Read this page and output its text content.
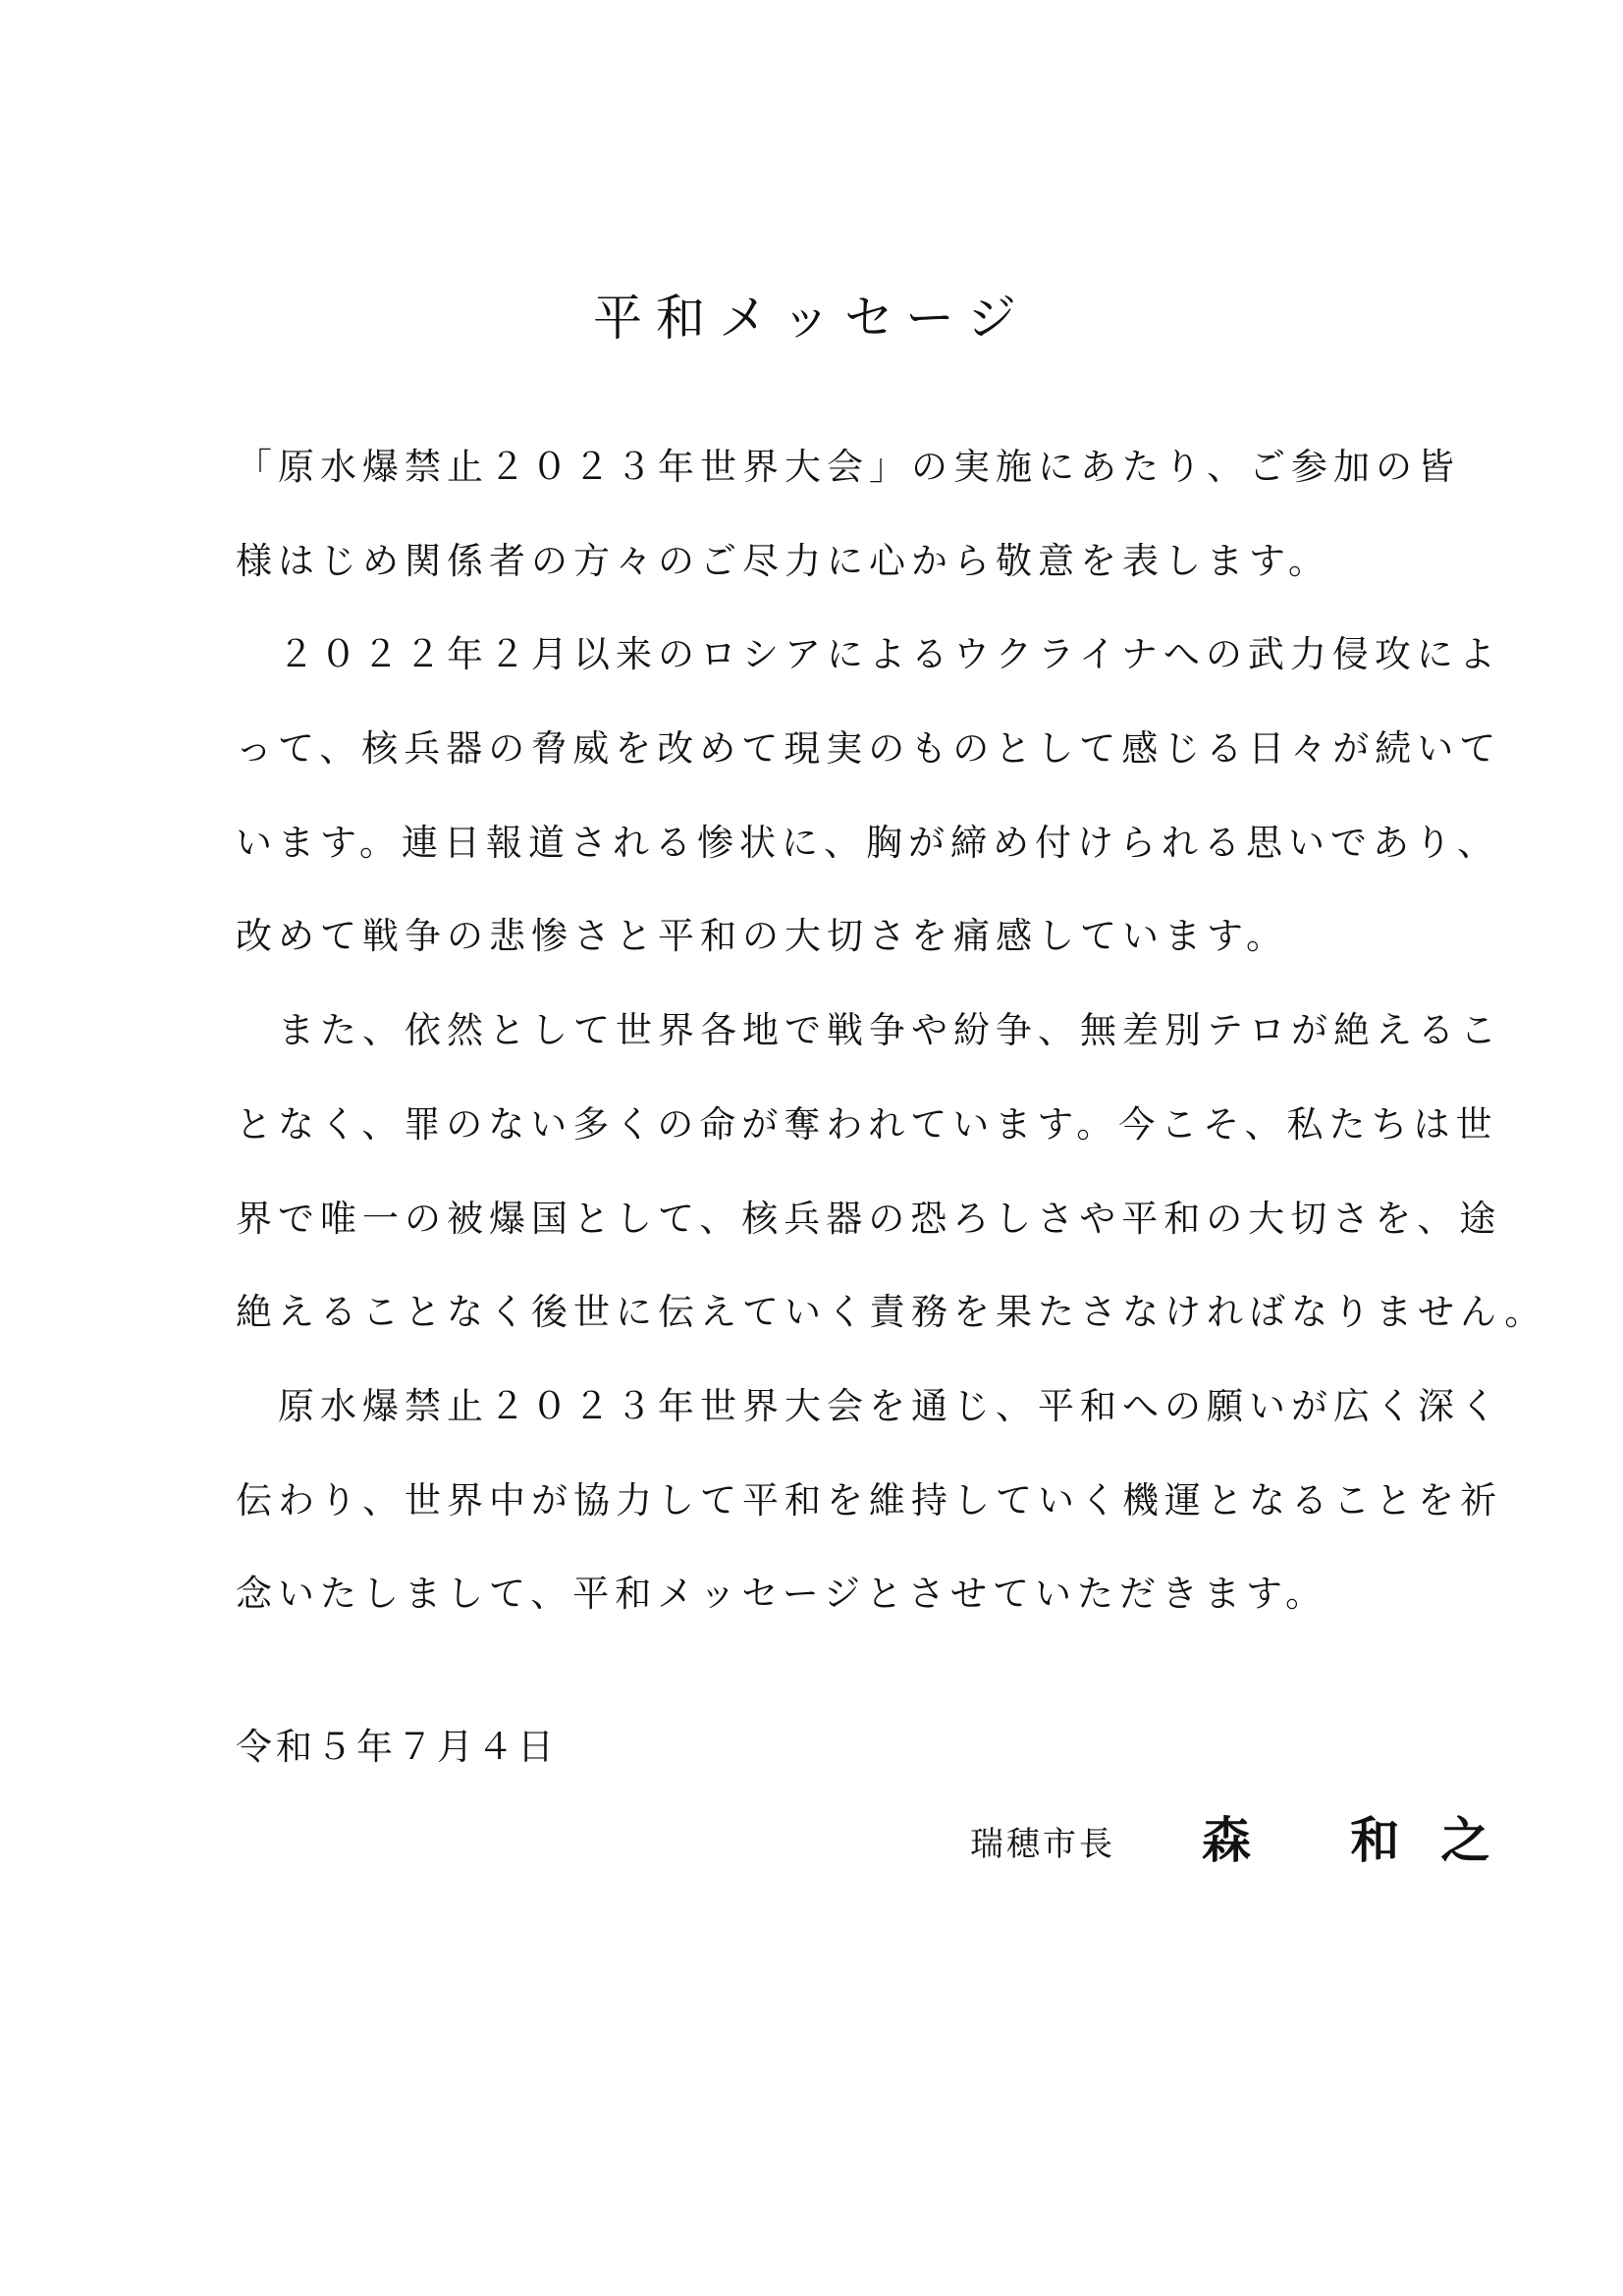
平和メッセージ
「原水爆禁止２０２３年世界大会」の実施にあたり、ご参加の皆
様はじめ関係者の方々のご尽力に心から敬意を表します。
　２０２２年２月以来のロシアによるウクライナへの武力侵攻によ
って、核兵器の脅威を改めて現実のものとして感じる日々が続いて
います。連日報道される惨状に、胸が締め付けられる思いであり、
改めて戦争の悲惨さと平和の大切さを痛感しています。
　また、依然として世界各地で戦争や紛争、無差別テロが絶えるこ
となく、罪のない多くの命が奪われています。今こそ、私たちは世
界で唯一の被爆国として、核兵器の恐ろしさや平和の大切さを、途
絶えることなく後世に伝えていく責務を果たさなければなりません。
　原水爆禁止２０２３年世界大会を通じ、平和への願いが広く深く
伝わり、世界中が協力して平和を維持していく機運となることを祈
念いたしまして、平和メッセージとさせていただきます。
令和５年７月４日
瑞穂市長 森 和之
